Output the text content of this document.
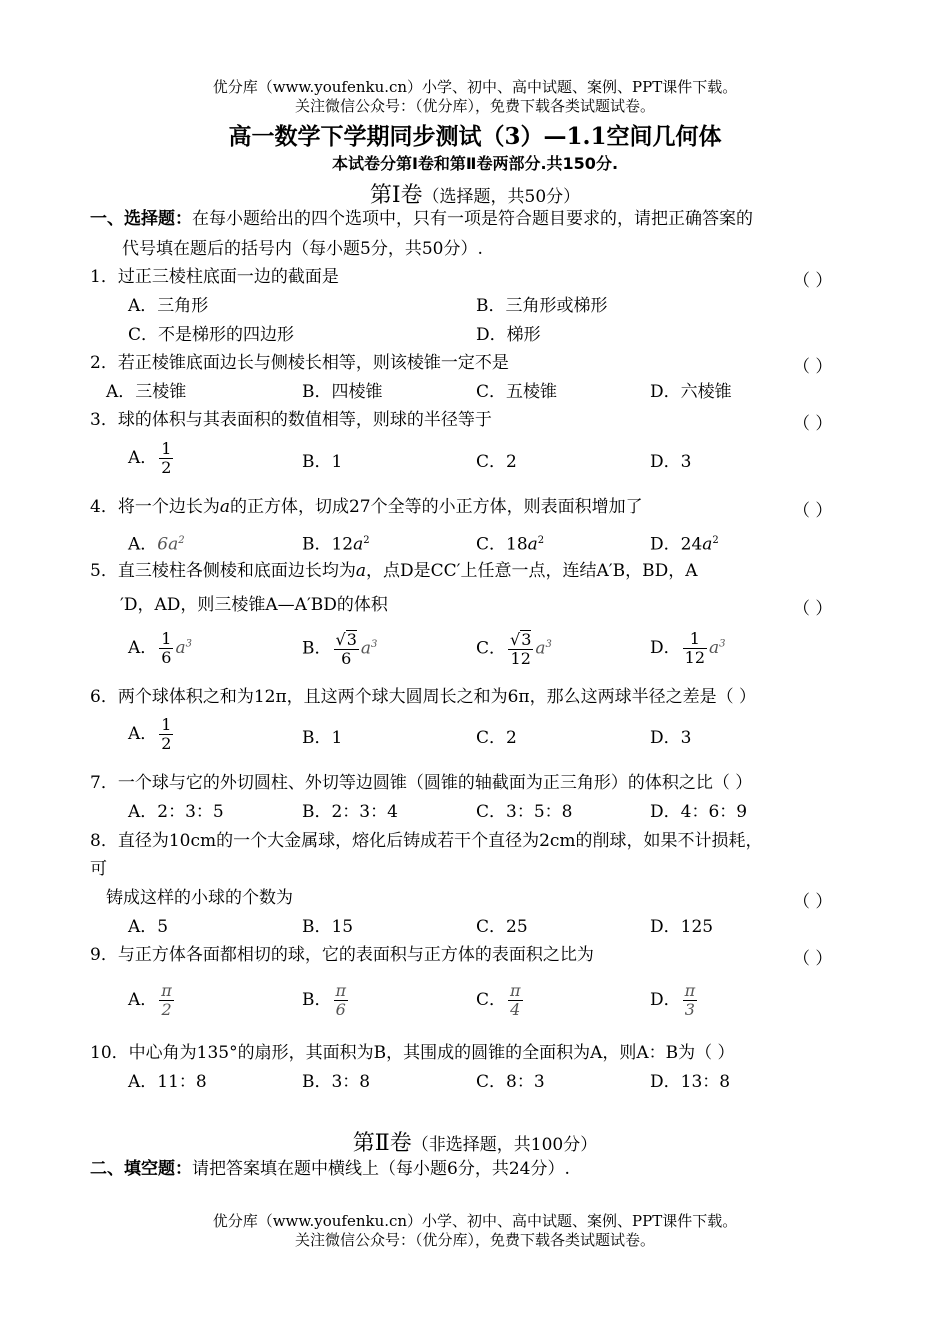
优分库（www.youfenku.cn）小学、初中、高中试题、案例、PPT课件下载。
关注微信公众号：（优分库），免费下载各类试题试卷。
高一数学下学期同步测试（3）—1.1空间几何体
本试卷分第Ⅰ卷和第Ⅱ卷两部分.共150分.
第Ⅰ卷（选择题，共50分）
一、选择题：在每小题给出的四个选项中，只有一项是符合题目要求的，请把正确答案的
代号填在题后的括号内（每小题5分，共50分）.
1．过正三棱柱底面一边的截面是	（ ）
A．三角形	B．三角形或梯形
C．不是梯形的四边形	D．梯形
2．若正棱锥底面边长与侧棱长相等，则该棱锥一定不是	（ ）
A．三棱锥	B．四棱锥	C．五棱锥	D．六棱锥
3．球的体积与其表面积的数值相等，则球的半径等于	（ ）
A． $\frac{1}{2}$	B．1	C．2	D．3
4．将一个边长为a的正方体，切成27个全等的小正方体，则表面积增加了	（ ）
A．$6a^2$	B．$12a^2$	C．$18a^2$	D．$24a^2$
5．直三棱柱各侧棱和底面边长均为a，点D是CC′上任意一点，连结A′B，BD，A
′D，AD，则三棱锥A—A′BD的体积	（ ）
A． $\frac{1}{6} a^3$	B． $\frac{√3}{6} a^3$	C． $\frac{√3}{12} a^3$	D． $\frac{1}{12} a^3$
6．两个球体积之和为12π，且这两个球大圆周长之和为6π，那么这两球半径之差是（ ）
A． $\frac{1}{2}$	B．1	C．2	D．3
7．一个球与它的外切圆柱、外切等边圆锥（圆锥的轴截面为正三角形）的体积之比（ ）
A．2：3：5	B．2：3：4	C．3：5：8	D．4：6：9
8．直径为10cm的一个大金属球，熔化后铸成若干个直径为2cm的削球，如果不计损耗，
可
铸成这样的小球的个数为	（ ）
A．5	B．15	C．25	D．125
9．与正方体各面都相切的球，它的表面积与正方体的表面积之比为	（ ）
A． $\frac{\pi}{2}$	B． $\frac{\pi}{6}$	C． $\frac{\pi}{4}$	D． $\frac{\pi}{3}$
10．中心角为135°的扇形，其面积为B，其围成的圆锥的全面积为A，则A：B为（ ）
A．11：8	B．3：8	C．8：3	D．13：8
第Ⅱ卷（非选择题，共100分）
二、填空题：请把答案填在题中横线上（每小题6分，共24分）.
优分库（www.youfenku.cn）小学、初中、高中试题、案例、PPT课件下载。
关注微信公众号：（优分库），免费下载各类试题试卷。
